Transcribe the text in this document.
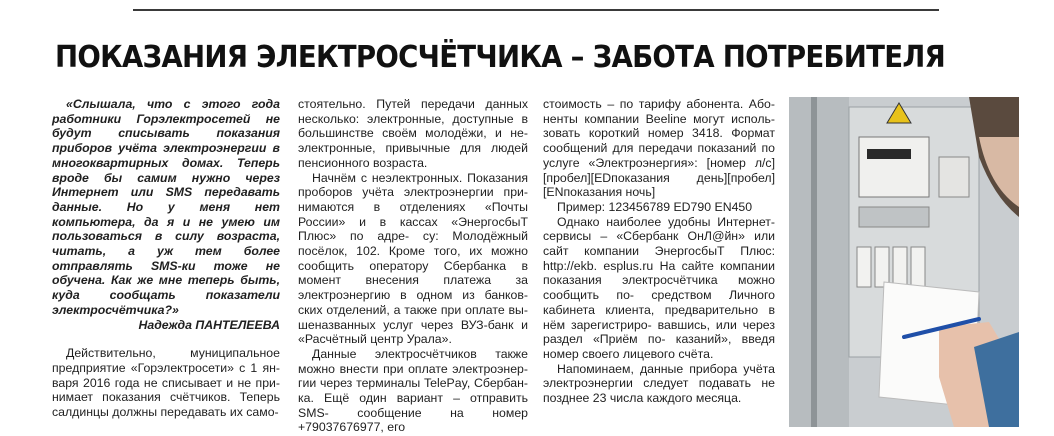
ПОКАЗАНИЯ ЭЛЕКТРОСЧЁТЧИКА – ЗАБОТА ПОТРЕБИТЕЛЯ

«Слышала, что с этого года работники Горэлектросетей не будут списывать показания приборов учёта электроэнергии в многоквартирных домах. Теперь вроде бы самим нужно через Интернет или SMS передавать данные. Но у меня нет компьютера, да я и не умею им пользоваться в силу возраста, читать, а уж тем более отправлять SMS-ки тоже не обучена. Как же мне теперь быть, куда сообщать показатели электросчётчика?»

Надежда ПАНТЕЛЕЕВА

Действительно, муниципальное предприятие «Горэлектросети» с 1 ян- варя 2016 года не списывает и не при- нимает показания счётчиков. Теперь салдинцы должны передавать их само-

стоятельно. Путей передачи данных несколько: электронные, доступные в большинстве своём молодёжи, и не- электронные, привычные для людей пенсионного возраста.

Начнём с неэлектронных. Показания проборов учёта электроэнергии при- нимаются в отделениях «Почты России» и в кассах «ЭнергосбыТ Плюс» по адре- су: Молодёжный посёлок, 102. Кроме того, их можно сообщить оператору Сбербанка в момент внесения платежа за электроэнергию в одном из банков- ских отделений, а также при оплате вы- шеназванных услуг через ВУЗ-банк и «Расчётный центр Урала».

Данные электросчётчиков также можно внести при оплате электроэнер- гии через терминалы TelePay, Сбербан- ка. Ещё один вариант – отправить SMS- сообщение на номер +79037676977, его

стоимость – по тарифу абонента. Або- ненты компании Beeline могут исполь- зовать короткий номер 3418. Формат сообщений для передачи показаний по услуге «Электроэнергия»: [номер л/с] [пробел][EDпоказания день][пробел] [ENпоказания ночь]

Пример: 123456789 ED790 EN450

Однако наиболее удобны Интернет- сервисы – «Сбербанк ОнЛ@йн» или сайт компании ЭнергосбыТ Плюс: http://ekb. esplus.ru На сайте компании показания электросчётчика можно сообщить по- средством Личного кабинета клиента, предварительно в нём зарегистриро- вавшись, или через раздел «Приём по- казаний», введя номер своего лицевого счёта.

Напоминаем, данные прибора учёта электроэнергии следует подавать не позднее 23 числа каждого месяца.
